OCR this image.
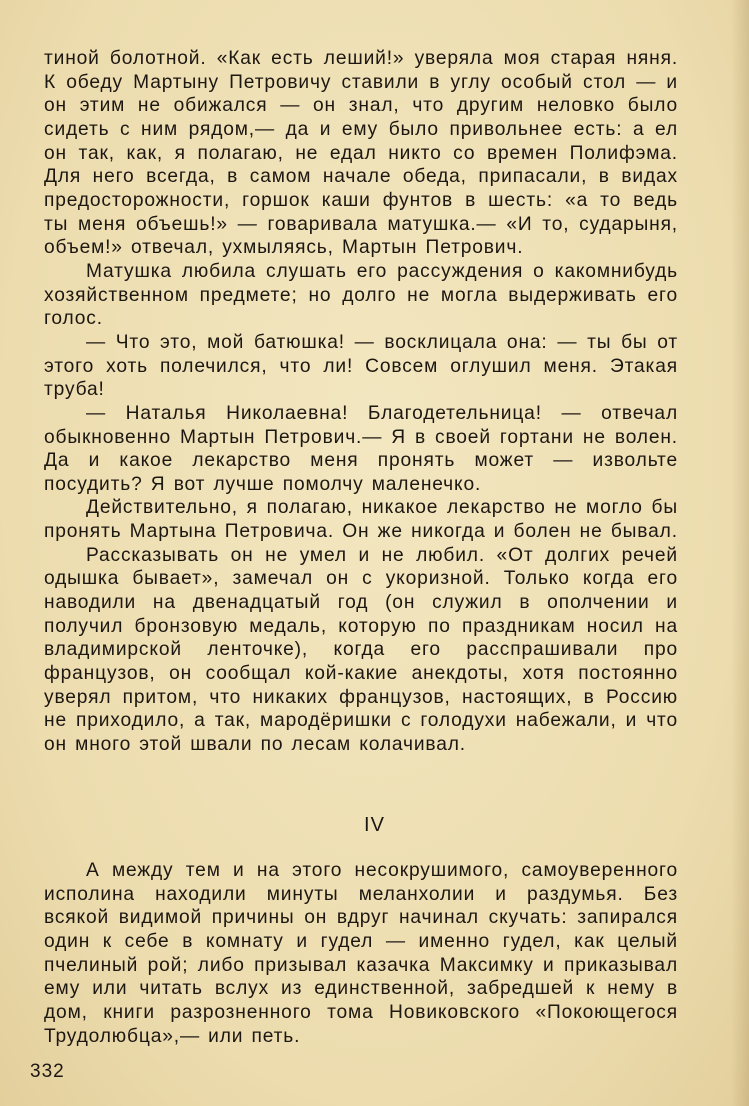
тиной болотной. «Как есть леший!» уверяла моя старая няня. К обеду Мартыну Петровичу ставили в углу особый стол — и он этим не обижался — он знал, что другим неловко было сидеть с ним рядом,— да и ему было привольнее есть: а ел он так, как, я полагаю, не едал никто со времен Полифэма. Для него всегда, в самом начале обеда, припасали, в видах предосторожности, горшок каши фунтов в шесть: «а то ведь ты меня объешь!» — говаривала матушка.— «И то, сударыня, объем!» отвечал, ухмыляясь, Мартын Петрович.

Матушка любила слушать его рассуждения о какомнибудь хозяйственном предмете; но долго не могла выдерживать его голос.

— Что это, мой батюшка! — восклицала она: — ты бы от этого хоть полечился, что ли! Совсем оглушил меня. Этакая труба!

— Наталья Николаевна! Благодетельница! — отвечал обыкновенно Мартын Петрович.— Я в своей гортани не волен. Да и какое лекарство меня пронять может — извольте посудить? Я вот лучше помолчу маленечко.

Действительно, я полагаю, никакое лекарство не могло бы пронять Мартына Петровича. Он же никогда и болен не бывал.

Рассказывать он не умел и не любил. «От долгих речей одышка бывает», замечал он с укоризной. Только когда его наводили на двенадцатый год (он служил в ополчении и получил бронзовую медаль, которую по праздникам носил на владимирской ленточке), когда его расспрашивали про французов, он сообщал кой-какие анекдоты, хотя постоянно уверял притом, что никаких французов, настоящих, в Россию не приходило, а так, мародёришки с голодухи набежали, и что он много этой швали по лесам колачивал.

IV

А между тем и на этого несокрушимого, самоуверенного исполина находили минуты меланхолии и раздумья. Без всякой видимой причины он вдруг начинал скучать: запирался один к себе в комнату и гудел — именно гудел, как целый пчелиный рой; либо призывал казачка Максимку и приказывал ему или читать вслух из единственной, забредшей к нему в дом, книги разрозненного тома Новиковского «Покоющегося Трудолюбца»,— или петь.

332
